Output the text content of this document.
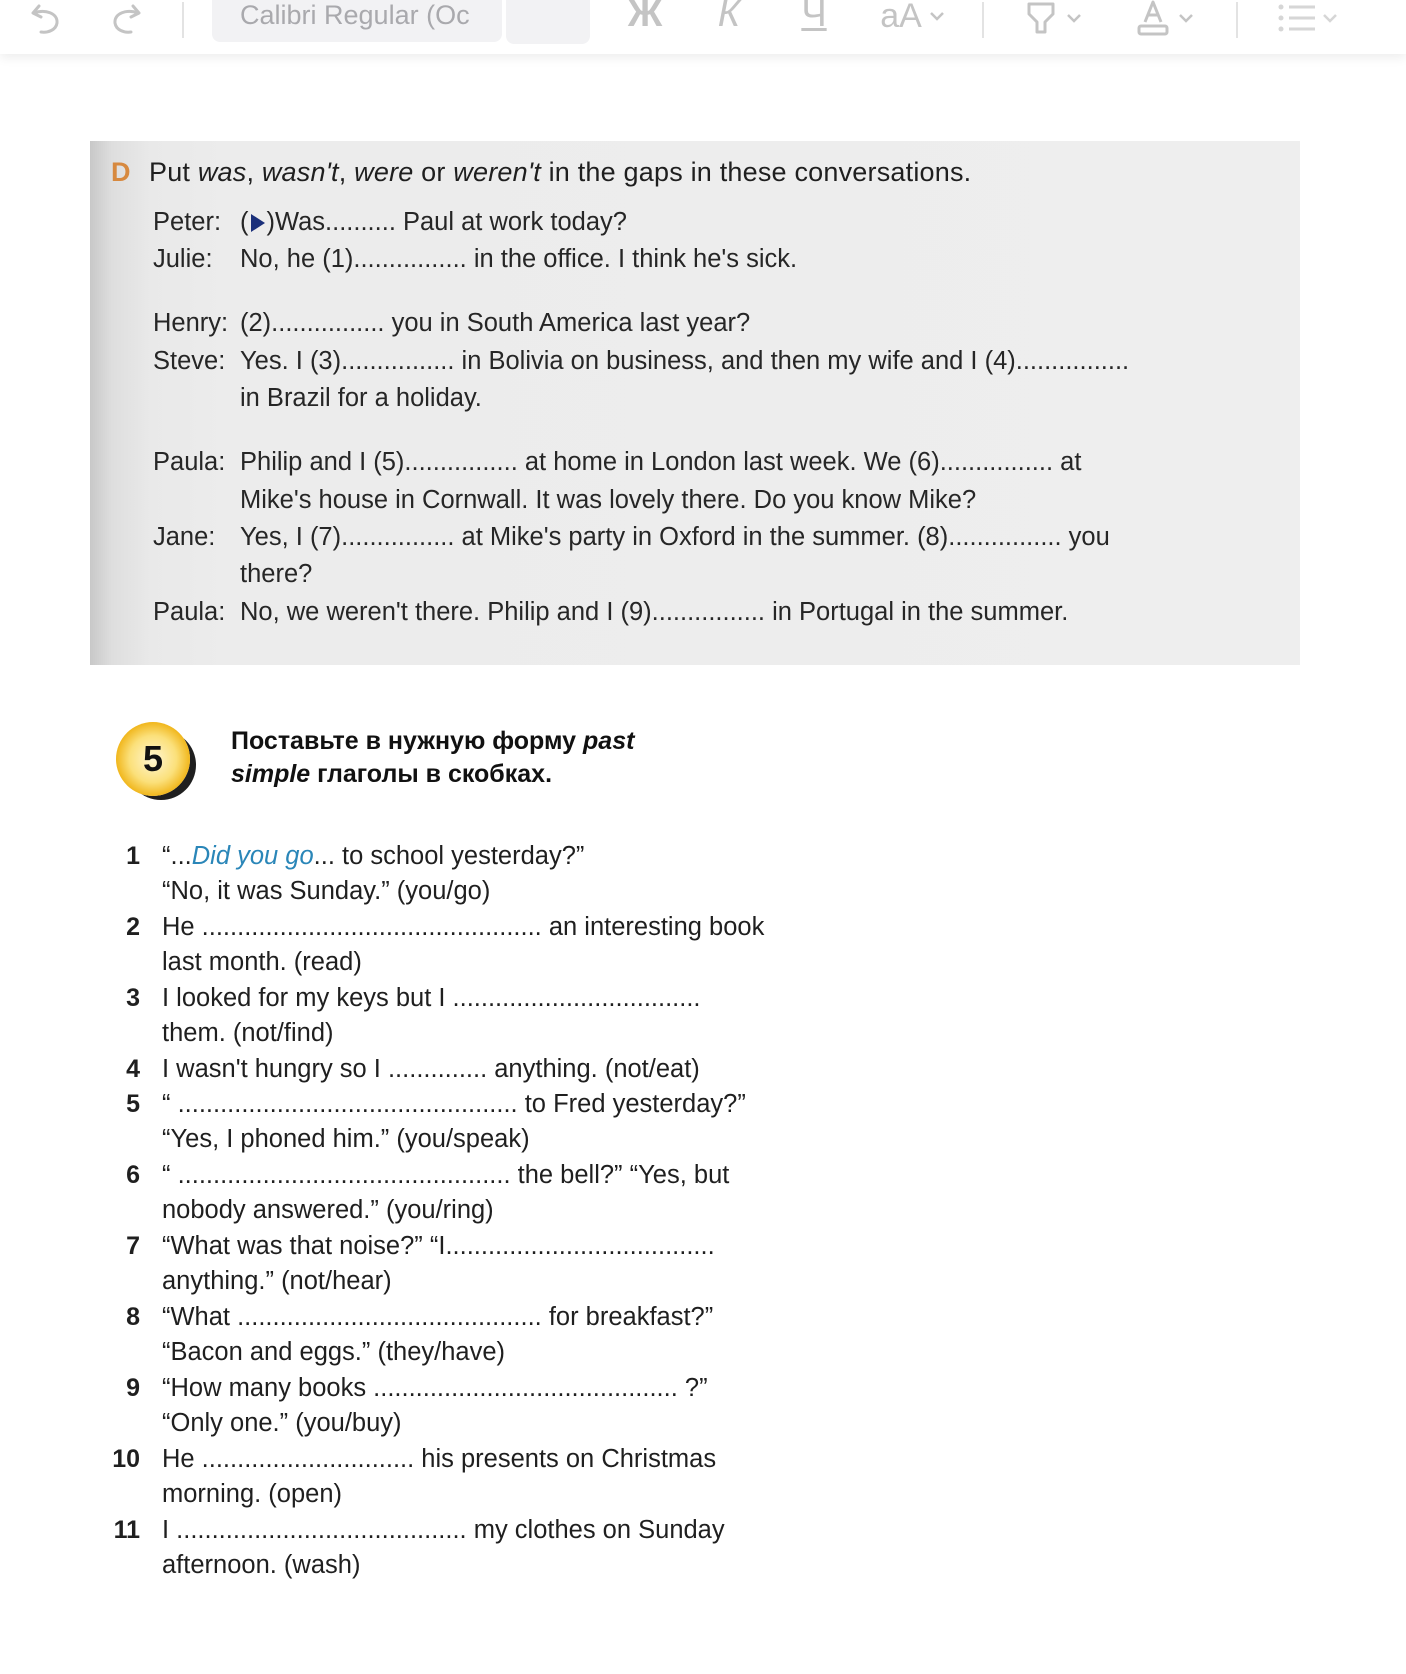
Calibri Regular (Oc	Ж К Ч aA
D Put was, wasn't, were or weren't in the gaps in these conversations.
Peter: ( )Was.......... Paul at work today?
Julie: No, he (1)................ in the office. I think he's sick.
Henry: (2)................ you in South America last year?
Steve: Yes. I (3)................ in Bolivia on business, and then my wife and I (4)................
in Brazil for a holiday.
Paula: Philip and I (5)................ at home in London last week. We (6)................ at
Mike's house in Cornwall. It was lovely there. Do you know Mike?
Jane: Yes, I (7)................ at Mike's party in Oxford in the summer. (8)................ you
there?
Paula: No, we weren't there. Philip and I (9)................ in Portugal in the summer.
5	Поставьте в нужную форму past
simple глаголы в скобках.
1 “...Did you go... to school yesterday?”
“No, it was Sunday.” (you/go)
2 He ................................................ an interesting book
last month. (read)
3 I looked for my keys but I ...................................
them. (not/find)
4 I wasn't hungry so I .............. anything. (not/eat)
5 “ ................................................ to Fred yesterday?”
“Yes, I phoned him.” (you/speak)
6 “ ............................................... the bell?” “Yes, but
nobody answered.” (you/ring)
7 “What was that noise?” “I......................................
anything.” (not/hear)
8 “What ........................................... for breakfast?”
“Bacon and eggs.” (they/have)
9 “How many books ........................................... ?”
“Only one.” (you/buy)
10 He .............................. his presents on Christmas
morning. (open)
11 I ......................................... my clothes on Sunday
afternoon. (wash)
